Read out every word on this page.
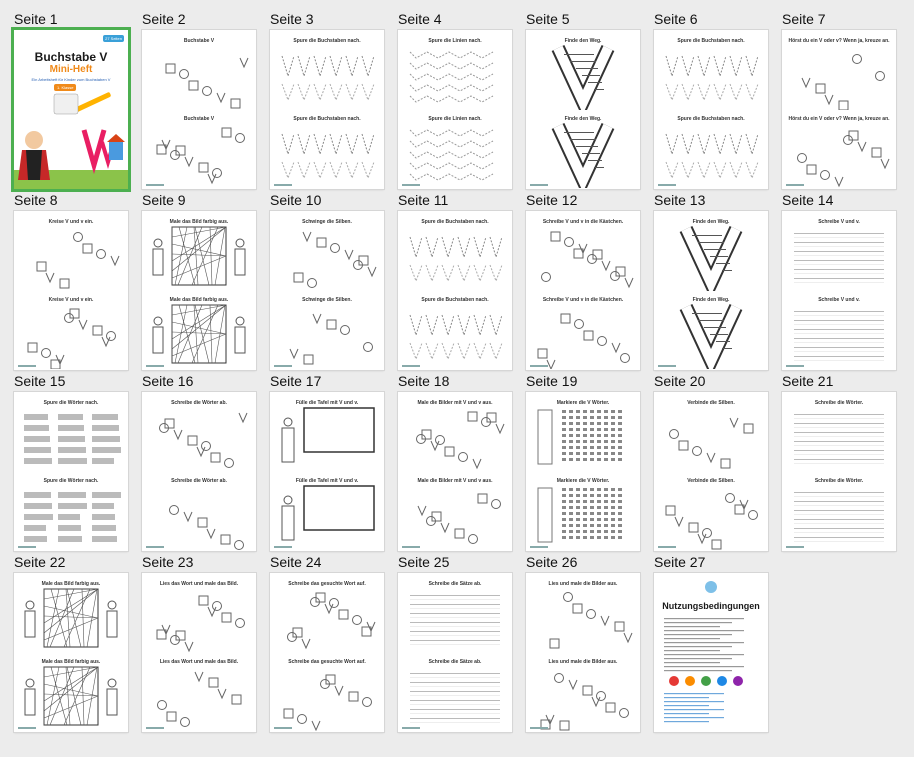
Seite 1
27 Seiten
Buchstabe V
Mini-Heft
Ein Arbeitsheft für Kinder zum Buchstaben V
1. Klasse
Seite 2
Buchstabe V
Buchstabe V
Seite 3
Spure die Buchstaben nach.
Spure die Buchstaben nach.
Seite 4
Spure die Linien nach.
Spure die Linien nach.
Seite 5
Finde den Weg.
Finde den Weg.
Seite 6
Spure die Buchstaben nach.
Spure die Buchstaben nach.
Seite 7
Hörst du ein V oder v? Wenn ja, kreuze an.
Hörst du ein V oder v? Wenn ja, kreuze an.
Seite 8
Kreise V und v ein.
Kreise V und v ein.
Seite 9
Male das Bild farbig aus.
Male das Bild farbig aus.
Seite 10
Schwinge die Silben.
Schwinge die Silben.
Seite 11
Spure die Buchstaben nach.
Spure die Buchstaben nach.
Seite 12
Schreibe V und v in die Kästchen.
Schreibe V und v in die Kästchen.
Seite 13
Finde den Weg.
Finde den Weg.
Seite 14
Schreibe V und v.
Schreibe V und v.
Seite 15
Spure die Wörter nach.
Spure die Wörter nach.
Seite 16
Schreibe die Wörter ab.
Schreibe die Wörter ab.
Seite 17
Fülle die Tafel mit V und v.
Fülle die Tafel mit V und v.
Seite 18
Male die Bilder mit V und v aus.
Male die Bilder mit V und v aus.
Seite 19
Markiere die V Wörter.
Markiere die V Wörter.
Seite 20
Verbinde die Silben.
Verbinde die Silben.
Seite 21
Schreibe die Wörter.
Schreibe die Wörter.
Seite 22
Male das Bild farbig aus.
Male das Bild farbig aus.
Seite 23
Lies das Wort und male das Bild.
Lies das Wort und male das Bild.
Seite 24
Schreibe das gesuchte Wort auf.
Schreibe das gesuchte Wort auf.
Seite 25
Schreibe die Sätze ab.
Schreibe die Sätze ab.
Seite 26
Lies und male die Bilder aus.
Lies und male die Bilder aus.
Seite 27
Nutzungsbedingungen
